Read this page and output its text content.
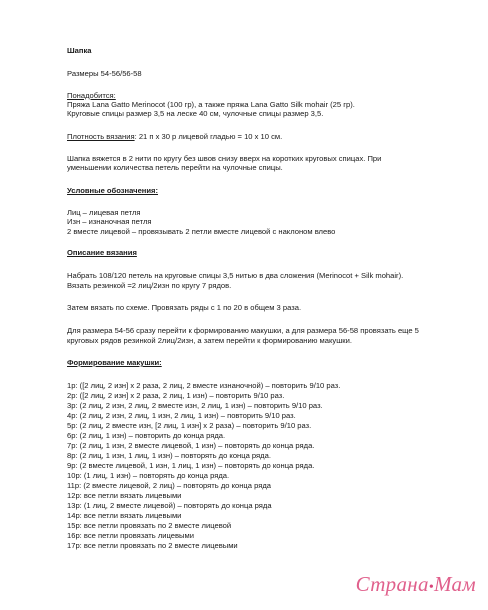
Шапка
Размеры 54-56/56-58
Понадобится:
Пряжа Lana Gatto Merinocot (100 гр), а также пряжа Lana Gatto Silk mohair (25 гр).
Круговые спицы размер 3,5 на леске 40 см, чулочные спицы размер 3,5.
Плотность вязания: 21 п х 30 р лицевой гладью = 10 х 10 см.
Шапка вяжется в 2 нити по кругу без швов снизу вверх на коротких круговых спицах. При
уменьшении количества петель перейти на чулочные спицы.
Условные обозначения:
Лиц – лицевая петля
Изн – изнаночная петля
2 вместе лицевой – провязывать 2 петли вместе лицевой с наклоном влево
Описание вязания
Набрать 108/120 петель на круговые спицы 3,5 нитью в два сложения (Merinocot + Silk mohair).
Вязать резинкой =2 лиц/2изн по кругу 7 рядов.
Затем вязать по схеме. Провязать ряды с 1 по 20 в общем 3 раза.
Для размера 54-56 сразу перейти к формированию макушки, а для размера 56-58 провязать еще 5
круговых рядов резинкой 2лиц/2изн, а затем перейти к формированию макушки.
Формирование макушки:
1р: ([2 лиц, 2 изн] х 2 раза, 2 лиц, 2 вместе изнаночной) – повторить 9/10 раз.
2р: ([2 лиц, 2 изн] х 2 раза, 2 лиц, 1 изн) – повторить 9/10 раз.
3р: (2 лиц, 2 изн, 2 лиц, 2 вместе изн, 2 лиц, 1 изн) – повторить 9/10 раз.
4р: (2 лиц, 2 изн, 2 лиц, 1 изн, 2 лиц, 1 изн) – повторить 9/10 раз.
5р: (2 лиц, 2 вместе изн, [2 лиц, 1 изн] х 2 раза) – повторить 9/10 раз.
6р: (2 лиц, 1 изн) – повторить до конца ряда.
7р: (2 лиц, 1 изн, 2 вместе лицевой, 1 изн) – повторять до конца ряда.
8р: (2 лиц, 1 изн, 1 лиц, 1 изн) – повторять до конца ряда.
9р: (2 вместе лицевой, 1 изн, 1 лиц, 1 изн) – повторять до конца ряда.
10р: (1 лиц, 1 изн) – повторять до конца ряда.
11р: (2 вместе лицевой, 2 лиц) – повторять до конца ряда
12р: все петли вязать лицевыми
13р: (1 лиц, 2 вместе лицевой) – повторять до конца ряда
14р: все петли вязать лицевыми
15р: все петли провязать по 2 вместе лицевой
16р: все петли провязать лицевыми
17р: все петли провязать по 2 вместе лицевыми
Страна•Мам
